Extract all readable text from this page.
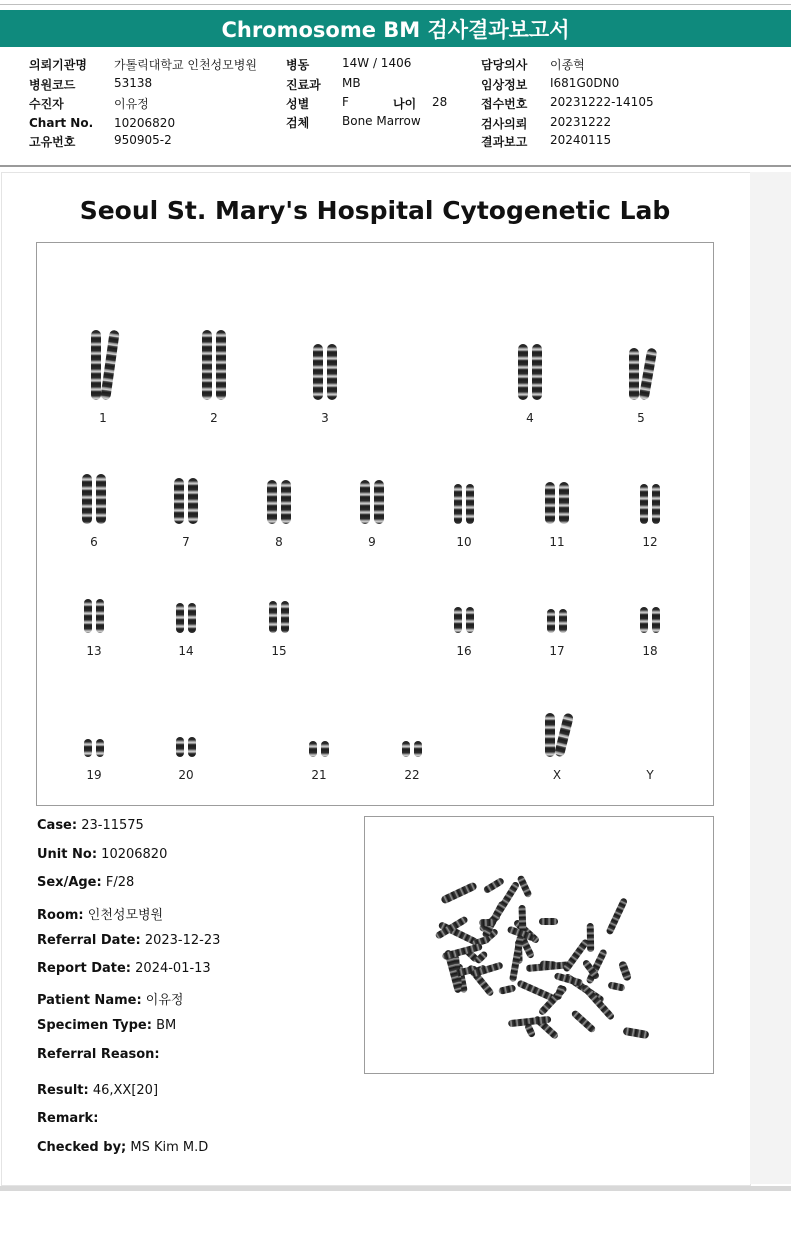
Chromosome BM 검사결과보고서
의뢰기관명 가톨릭대학교 인천성모병원
병원코드	53138
수진자	이유정
Chart No. 10206820
고유번호	950905-2
병동	14W / 1406
진료과 MB
성별	F	나이 28
검체	Bone Marrow
담당의사 이종혁
임상정보 I681G0DN0
접수번호 20231222-14105
검사의뢰 20231222
결과보고 20240115
Seoul St. Mary's Hospital Cytogenetic Lab
1	2	3	4	5
6	7	8	9	10	11	12
13	14	15	16	17	18
19	20	21	22	X	Y
Case: 23-11575
Unit No: 10206820
Sex/Age: F/28
Room: 인천성모병원
Referral Date: 2023-12-23
Report Date: 2024-01-13
Patient Name: 이유정
Specimen Type: BM
Referral Reason:
Result: 46,XX[20]
Remark:
Checked by; MS Kim M.D
